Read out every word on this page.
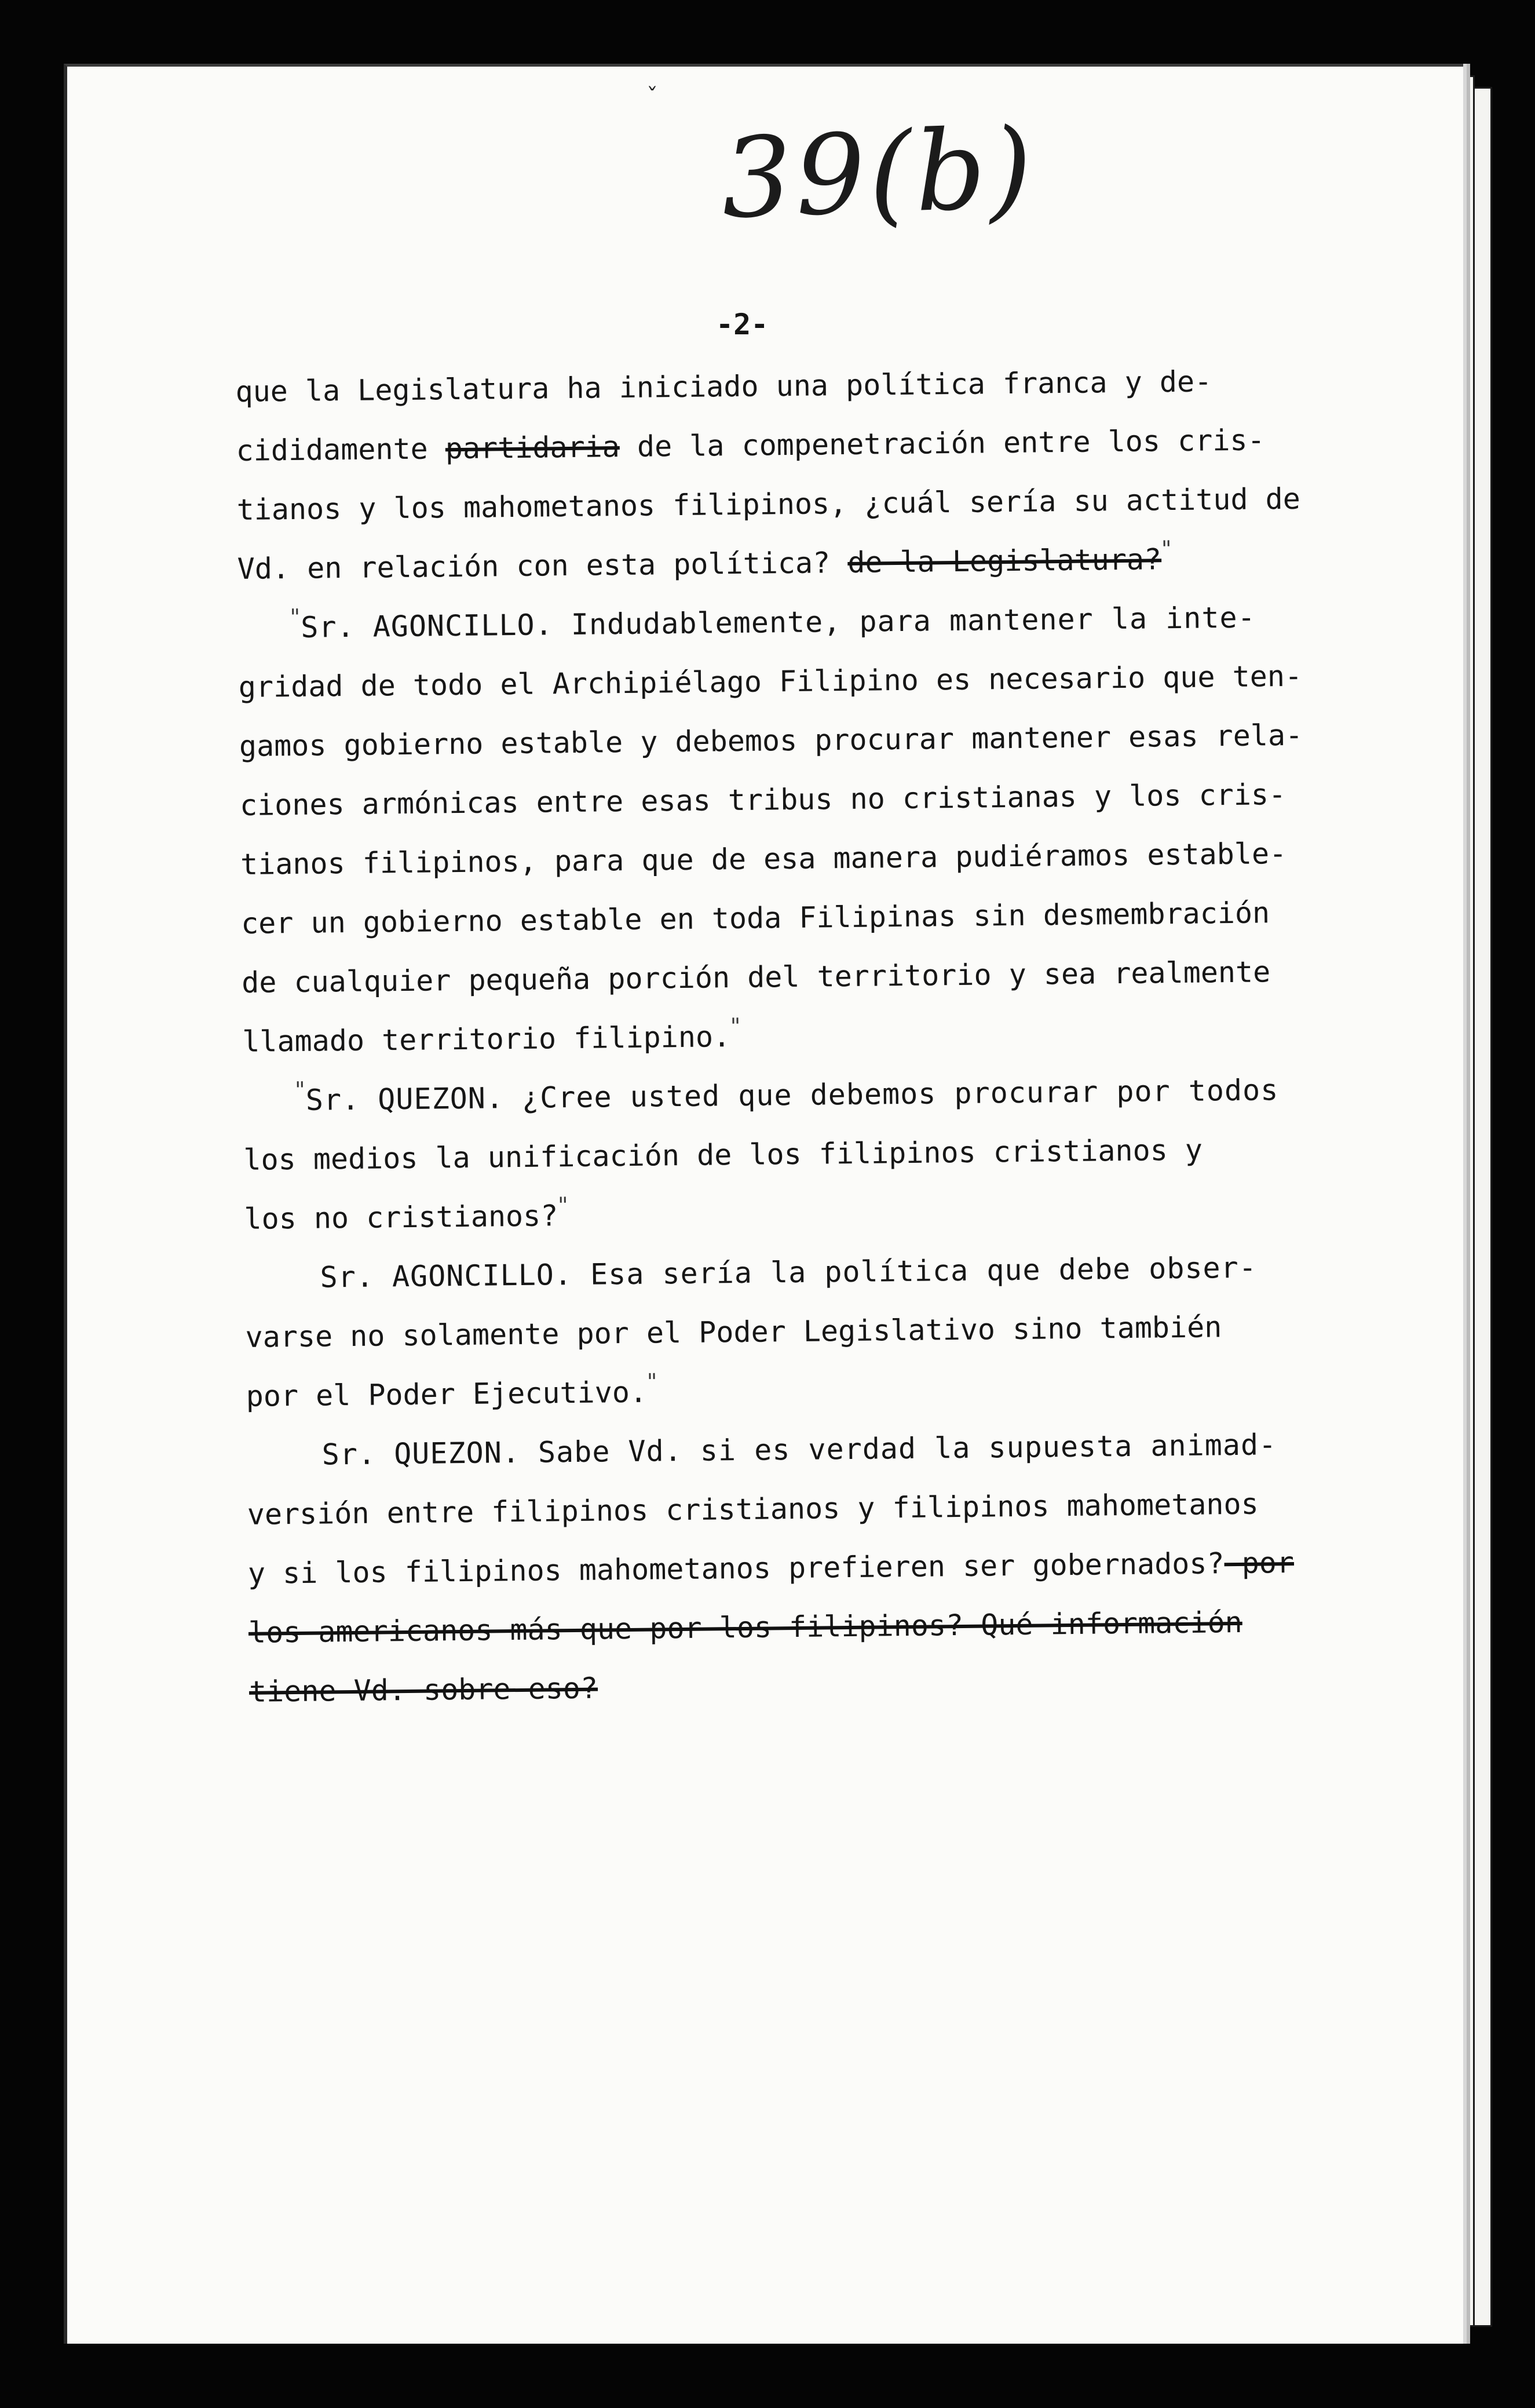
ˇ
39(b)
-2-
que la Legislatura ha iniciado una política franca y de-
cididamente partidaria de la compenetración entre los cris-
tianos y los mahometanos filipinos, ¿cuál sería su actitud de
Vd. en relación con esta política? de la Legislatura?"
"Sr. AGONCILLO. Indudablemente, para mantener la inte-
gridad de todo el Archipiélago Filipino es necesario que ten-
gamos gobierno estable y debemos procurar mantener esas rela-
ciones armónicas entre esas tribus no cristianas y los cris-
tianos filipinos, para que de esa manera pudiéramos estable-
cer un gobierno estable en toda Filipinas sin desmembración
de cualquier pequeña porción del territorio y sea realmente
llamado territorio filipino."
"Sr. QUEZON. ¿Cree usted que debemos procurar por todos
los medios la unificación de los filipinos cristianos y
los no cristianos?"
Sr. AGONCILLO. Esa sería la política que debe obser-
varse no solamente por el Poder Legislativo sino también
por el Poder Ejecutivo."
Sr. QUEZON. Sabe Vd. si es verdad la supuesta animad-
versión entre filipinos cristianos y filipinos mahometanos
y si los filipinos mahometanos prefieren ser gobernados? por
los americanos más que por los filipinos? Qué información
tiene Vd. sobre eso?
